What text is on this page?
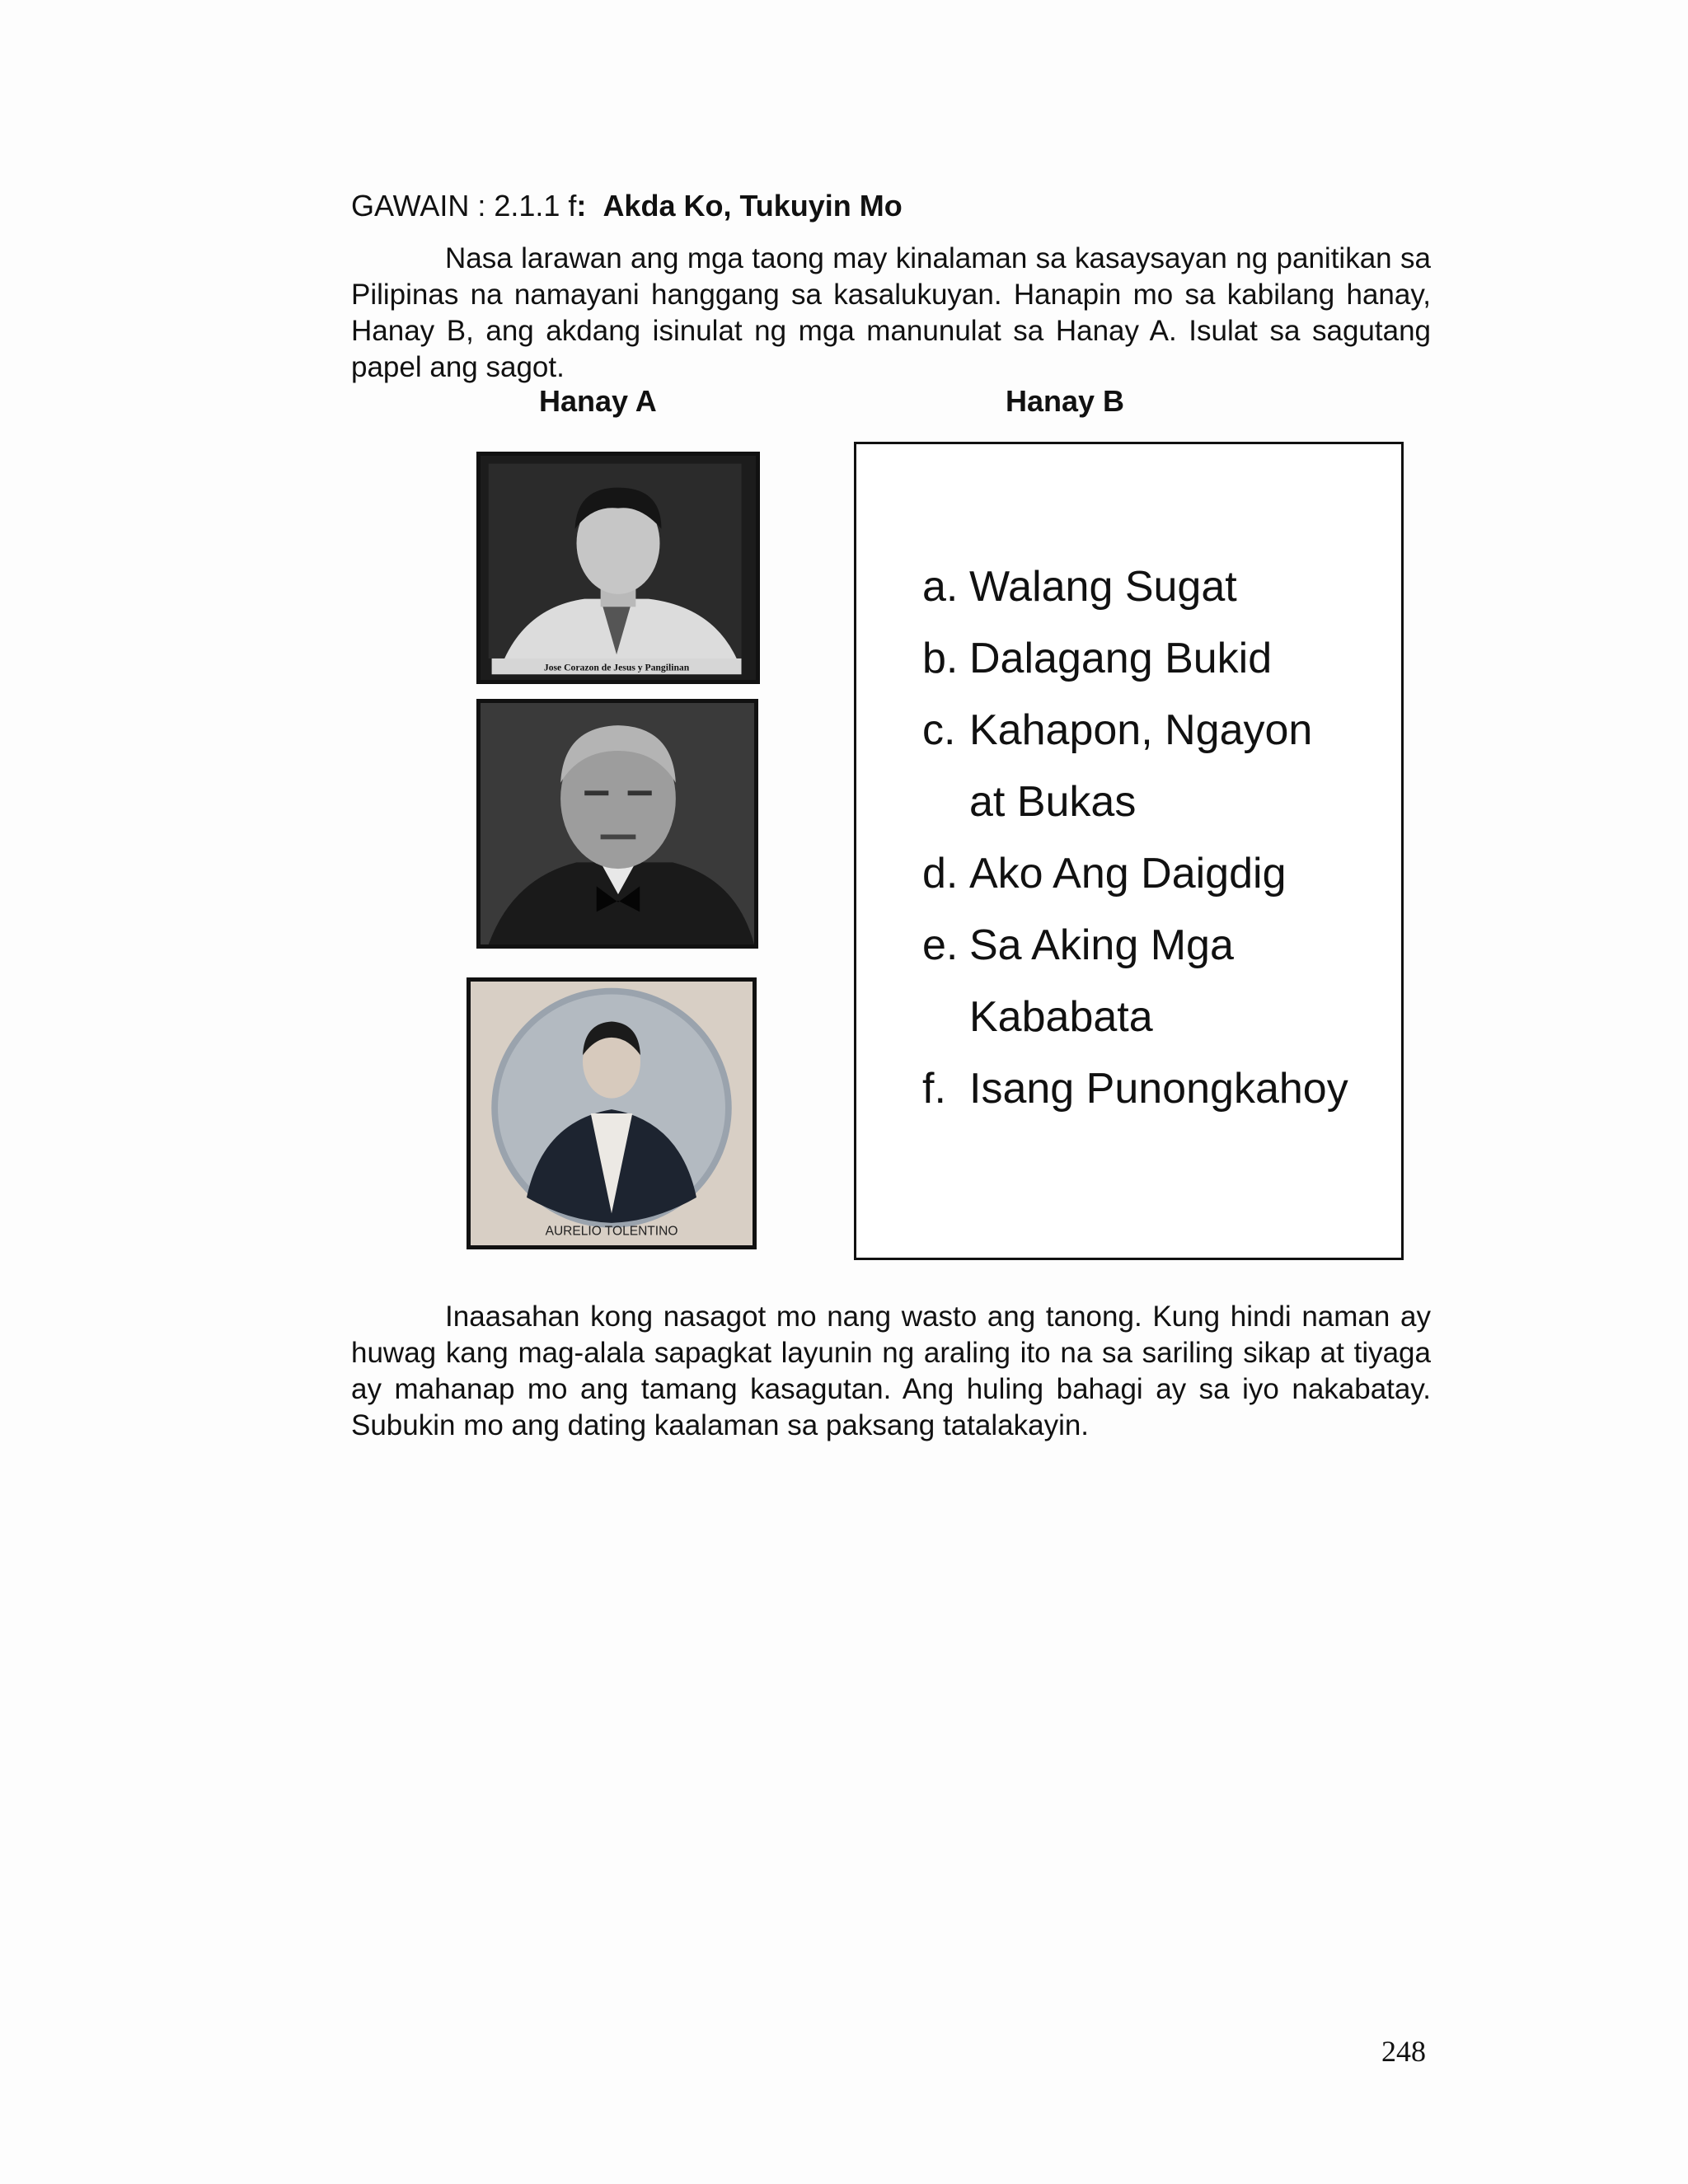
GAWAIN : 2.1.1 f: Akda Ko, Tukuyin Mo

Nasa larawan ang mga taong may kinalaman sa kasaysayan ng panitikan sa Pilipinas na namayani hanggang sa kasalukuyan. Hanapin mo sa kabilang hanay, Hanay B, ang akdang isinulat ng mga manunulat sa Hanay A. Isulat sa sagutang papel ang sagot.

Hanay A	Hanay B
Jose Corazon de Jesus y Pangilinan
AURELIO TOLENTINO
a. Walang Sugat
b. Dalagang Bukid
c. Kahapon, Ngayon at Bukas
d. Ako Ang Daigdig
e. Sa Aking Mga Kababata
f. Isang Punongkahoy

Inaasahan kong nasagot mo nang wasto ang tanong. Kung hindi naman ay huwag kang mag-alala sapagkat layunin ng araling ito na sa sariling sikap at tiyaga ay mahanap mo ang tamang kasagutan. Ang huling bahagi ay sa iyo nakabatay. Subukin mo ang dating kaalaman sa paksang tatalakayin.

248
